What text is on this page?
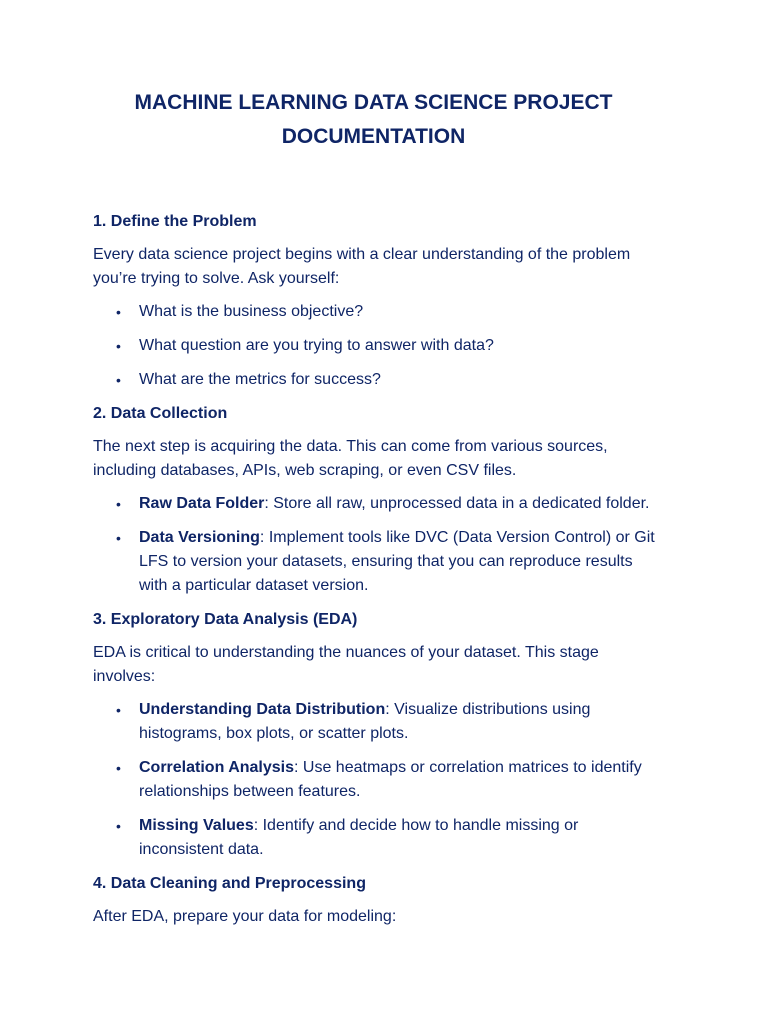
MACHINE LEARNING DATA SCIENCE PROJECT DOCUMENTATION
1. Define the Problem

Every data science project begins with a clear understanding of the problem you’re trying to solve. Ask yourself:

• What is the business objective?
• What question are you trying to answer with data?
• What are the metrics for success?
2. Data Collection

The next step is acquiring the data. This can come from various sources, including databases, APIs, web scraping, or even CSV files.

• Raw Data Folder: Store all raw, unprocessed data in a dedicated folder.
• Data Versioning: Implement tools like DVC (Data Version Control) or Git LFS to version your datasets, ensuring that you can reproduce results with a particular dataset version.
3. Exploratory Data Analysis (EDA)

EDA is critical to understanding the nuances of your dataset. This stage involves:

• Understanding Data Distribution: Visualize distributions using histograms, box plots, or scatter plots.
• Correlation Analysis: Use heatmaps or correlation matrices to identify relationships between features.
• Missing Values: Identify and decide how to handle missing or inconsistent data.
4. Data Cleaning and Preprocessing

After EDA, prepare your data for modeling:
